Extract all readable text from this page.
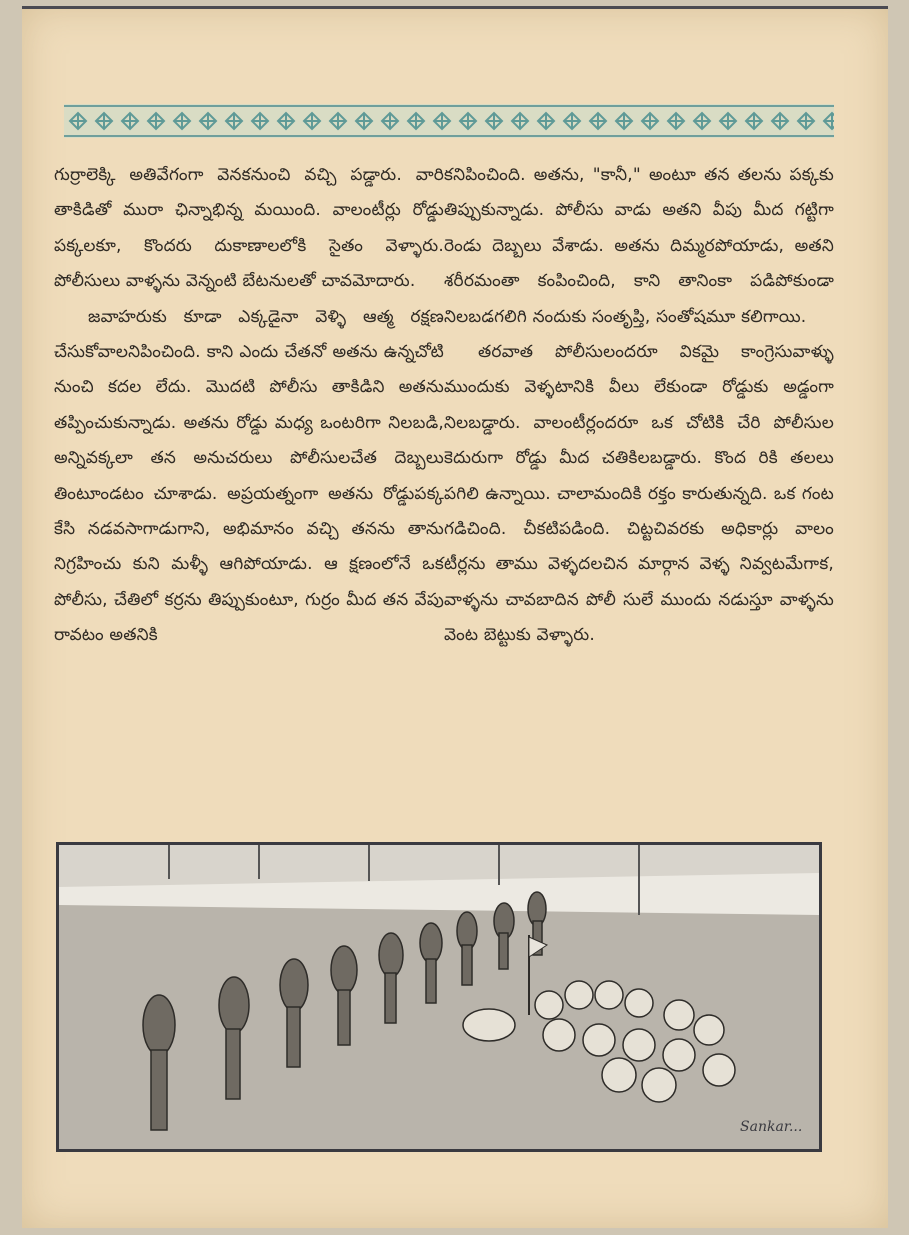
గుర్రాలెక్కి అతివేగంగా వెనకనుంచి వచ్చి పడ్డారు. వారి తాకిడితో మురా ఛిన్నాభిన్న మయింది. వాలంటీర్లు రోడ్డు పక్కలకూ, కొందరు దుకాణాలలోకి సైతం వెళ్ళారు. పోలీసులు వాళ్ళను వెన్నంటి బేటనులతో చావమోదారు.

జవాహరుకు కూడా ఎక్కడైనా వెళ్ళి ఆత్మ రక్షణ చేసుకోవాలనిపించింది. కాని ఎందు చేతనో అతను ఉన్నచోటి నుంచి కదల లేదు. మొదటి పోలీసు తాకిడిని అతను తప్పించుకున్నాడు. అతను రోడ్డు మధ్య ఒంటరిగా నిలబడి, అన్నివక్కలా తన అనుచరులు పోలీసులచేత దెబ్బలు తింటూండటం చూశాడు. అప్రయత్నంగా అతను రోడ్డుపక్క కేసి నడవసాగాడుగాని, అభిమానం వచ్చి తనను తాను నిగ్రహించు కుని మళ్ళీ ఆగిపోయాడు. ఆ క్షణంలోనే ఒక పోలీసు, చేతిలో కర్రను తిప్పుకుంటూ, గుర్రం మీద తన వేపు రావటం అతనికి

కనిపించింది. అతను, "కానీ," అంటూ తన తలను పక్కకు తిప్పుకున్నాడు. పోలీసు వాడు అతని వీపు మీద గట్టిగా రెండు దెబ్బలు వేశాడు. అతను దిమ్మరపోయాడు, అతని శరీరమంతా కంపించింది, కాని తానింకా పడిపోకుండా నిలబడగలిగి నందుకు సంతృప్తి, సంతోషమూ కలిగాయి.

తరవాత పోలీసులందరూ వికమై కాంగ్రెసువాళ్ళు ముందుకు వెళ్ళటానికి వీలు లేకుండా రోడ్డుకు అడ్డంగా నిలబడ్డారు. వాలంటీర్లందరూ ఒక చోటికి చేరి పోలీసుల కెదురుగా రోడ్డు మీద చతికిలబడ్డారు. కొంద రికి తలలు పగిలి ఉన్నాయి. చాలామందికి రక్తం కారుతున్నది. ఒక గంట గడిచింది. చీకటిపడింది. చిట్టచివరకు అధికార్లు వాలం టీర్లను తాము వెళ్ళదలచిన మార్గాన వెళ్ళ నివ్వటమేగాక, వాళ్ళను చావబాదిన పోలీ సులే ముందు నడుస్తూ వాళ్ళను వెంట బెట్టుకు వెళ్ళారు.

Sankar...
